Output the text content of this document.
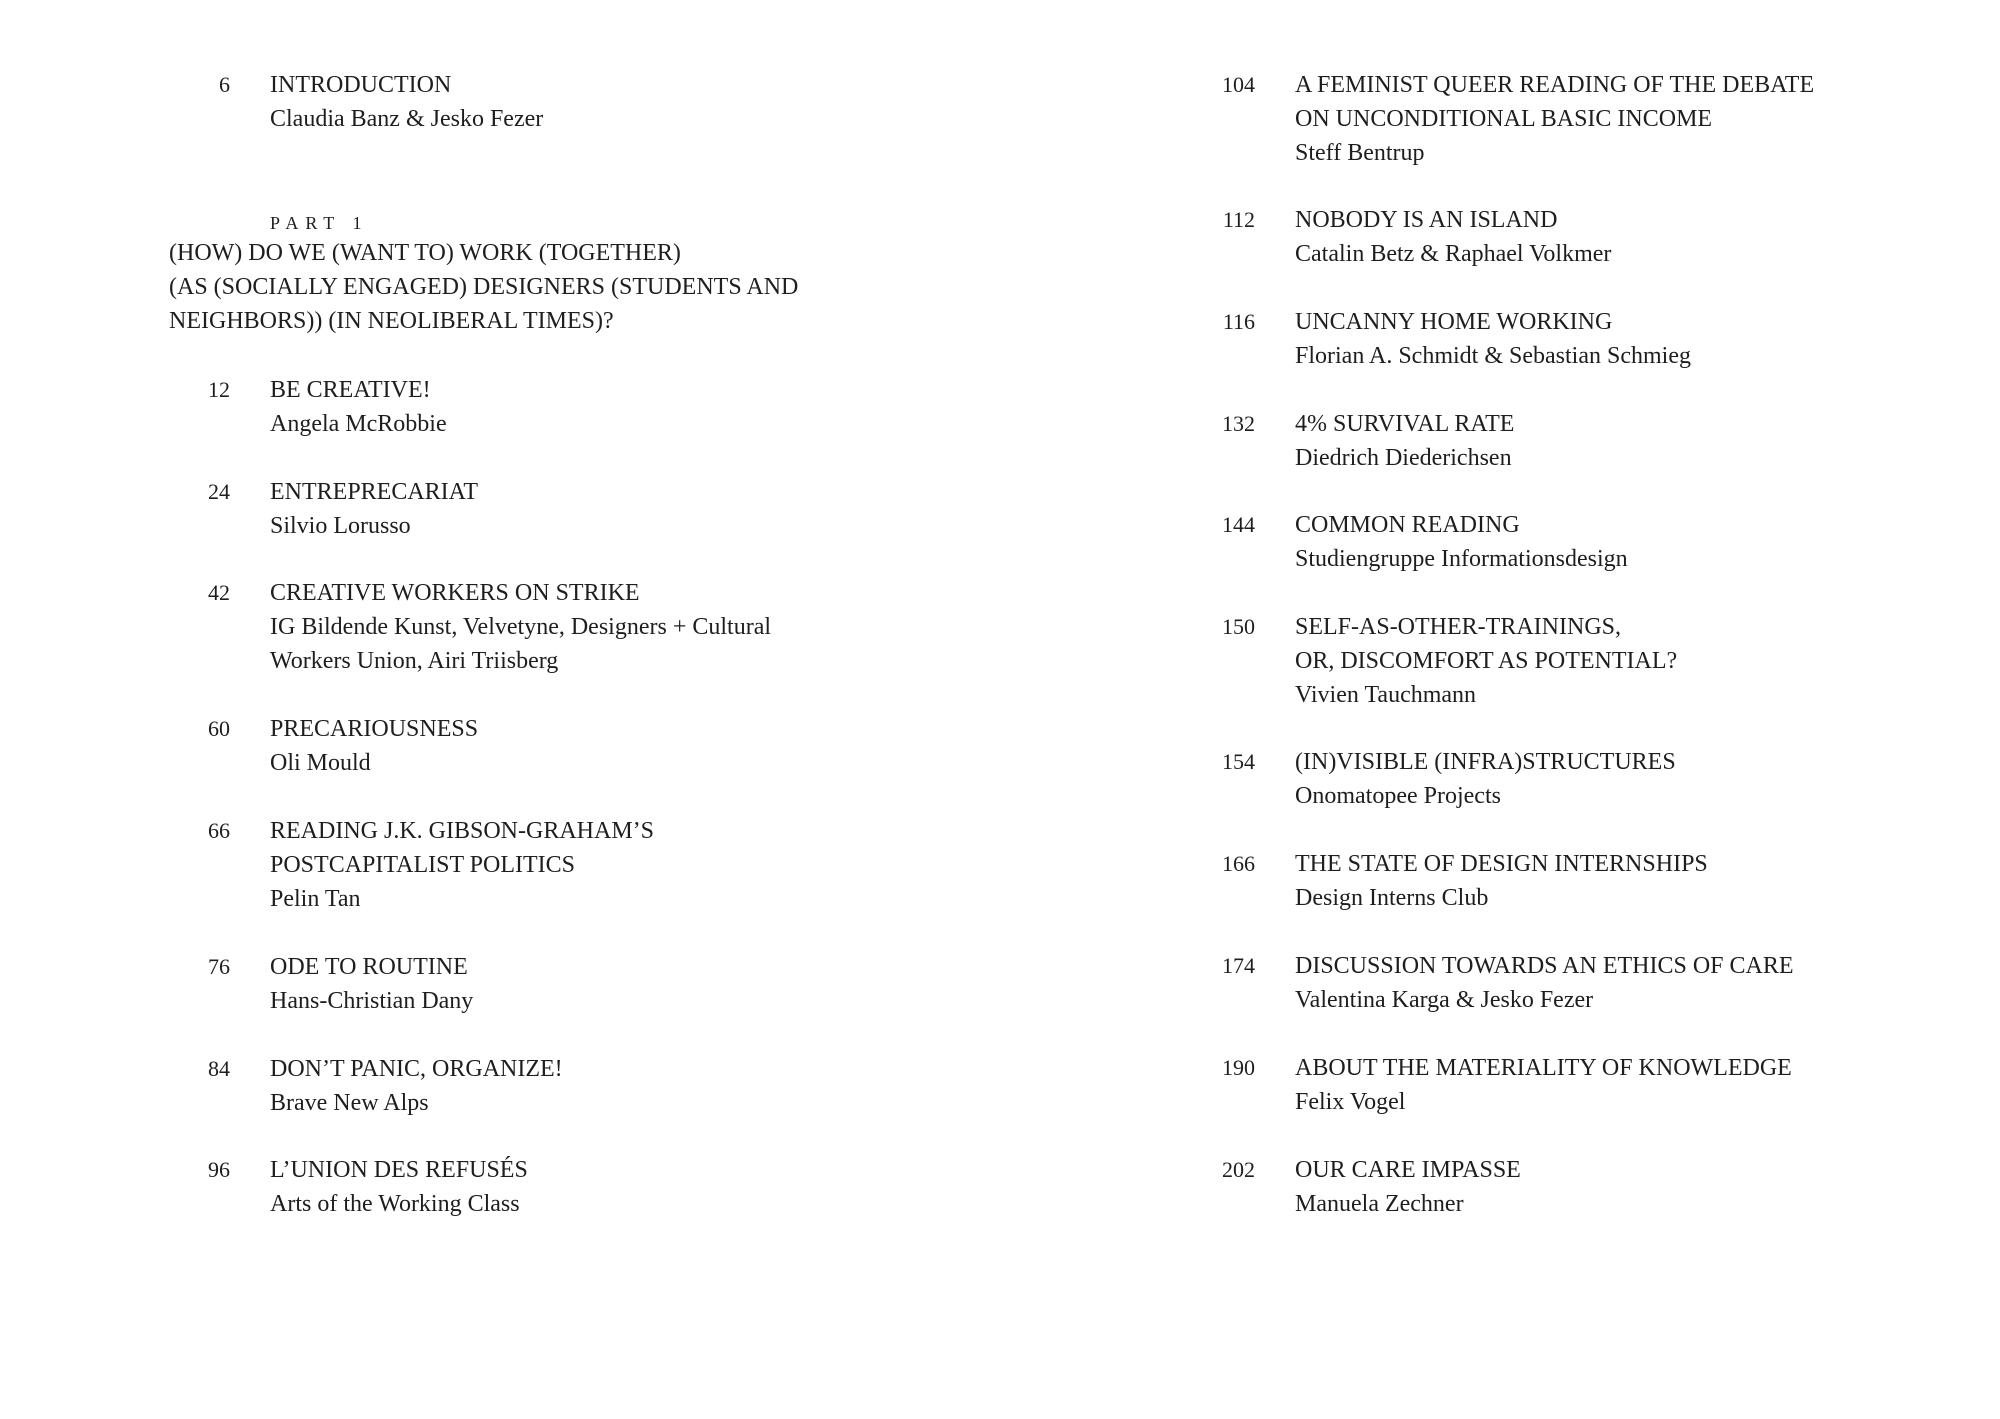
6 INTRODUCTION
Claudia Banz & Jesko Fezer
PART 1
(HOW) DO WE (WANT TO) WORK (TOGETHER)
(AS (SOCIALLY ENGAGED) DESIGNERS (STUDENTS AND
NEIGHBORS)) (IN NEOLIBERAL TIMES)?
12 BE CREATIVE!
Angela McRobbie
24 ENTREPRECARIAT
Silvio Lorusso
42 CREATIVE WORKERS ON STRIKE
IG Bildende Kunst, Velvetyne, Designers + Cultural
Workers Union, Airi Triisberg
60 PRECARIOUSNESS
Oli Mould
66 READING J.K. GIBSON-GRAHAM’S
POSTCAPITALIST POLITICS
Pelin Tan
76 ODE TO ROUTINE
Hans-Christian Dany
84 DON’T PANIC, ORGANIZE!
Brave New Alps
96 L’UNION DES REFUSÉS
Arts of the Working Class
104 A FEMINIST QUEER READING OF THE DEBATE
ON UNCONDITIONAL BASIC INCOME
Steff Bentrup
112 NOBODY IS AN ISLAND
Catalin Betz & Raphael Volkmer
116 UNCANNY HOME WORKING
Florian A. Schmidt & Sebastian Schmieg
132 4% SURVIVAL RATE
Diedrich Diederichsen
144 COMMON READING
Studiengruppe Informationsdesign
150 SELF-AS-OTHER-TRAININGS,
OR, DISCOMFORT AS POTENTIAL?
Vivien Tauchmann
154 (IN)VISIBLE (INFRA)STRUCTURES
Onomatopee Projects
166 THE STATE OF DESIGN INTERNSHIPS
Design Interns Club
174 DISCUSSION TOWARDS AN ETHICS OF CARE
Valentina Karga & Jesko Fezer
190 ABOUT THE MATERIALITY OF KNOWLEDGE
Felix Vogel
202 OUR CARE IMPASSE
Manuela Zechner
